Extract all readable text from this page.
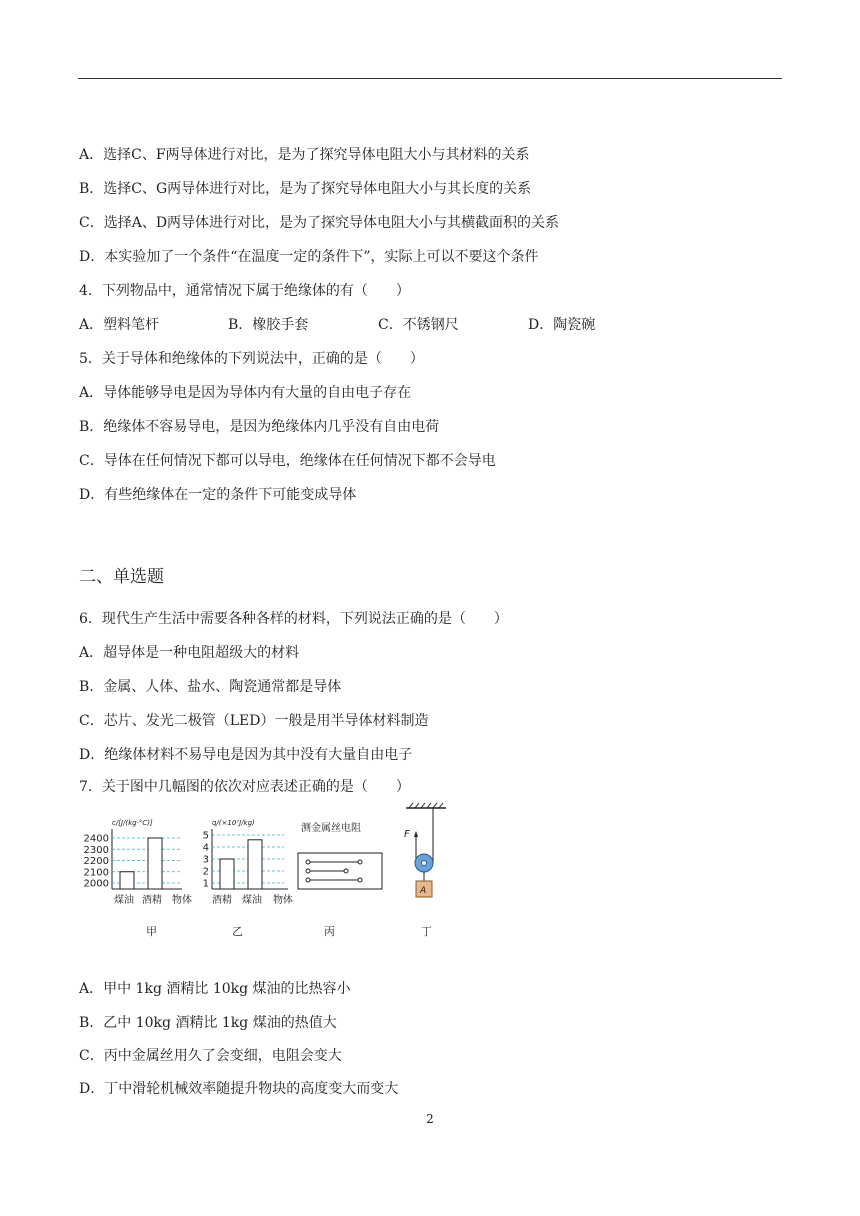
A．选择C、F两导体进行对比，是为了探究导体电阻大小与其材料的关系
B．选择C、G两导体进行对比，是为了探究导体电阻大小与其长度的关系
C．选择A、D两导体进行对比，是为了探究导体电阻大小与其横截面积的关系
D．本实验加了一个条件“在温度一定的条件下”，实际上可以不要这个条件
4．下列物品中，通常情况下属于绝缘体的有（　　）
A．塑料笔杆	B．橡胶手套	C．不锈钢尺	D．陶瓷碗
5．关于导体和绝缘体的下列说法中，正确的是（　　）
A．导体能够导电是因为导体内有大量的自由电子存在
B．绝缘体不容易导电，是因为绝缘体内几乎没有自由电荷
C．导体在任何情况下都可以导电，绝缘体在任何情况下都不会导电
D．有些绝缘体在一定的条件下可能变成导体
二、单选题
6．现代生产生活中需要各种各样的材料，下列说法正确的是（　　）
A．超导体是一种电阻超级大的材料
B．金属、人体、盐水、陶瓷通常都是导体
C．芯片、发光二极管（LED）一般是用半导体材料制造
D．绝缘体材料不易导电是因为其中没有大量自由电子
7．关于图中几幅图的依次对应表述正确的是（　　）
c/[J/(kg·°C)]
2400
2300
2200
2100
2000
煤油 酒精 物体
甲
q/(×10⁷J/kg)
5
4
3
2
1
酒精 煤油 物体
乙
测金属丝电阻
丙
F
A
丁
A．甲中 1kg 酒精比 10kg 煤油的比热容小
B．乙中 10kg 酒精比 1kg 煤油的热值大
C．丙中金属丝用久了会变细，电阻会变大
D．丁中滑轮机械效率随提升物块的高度变大而变大
2
